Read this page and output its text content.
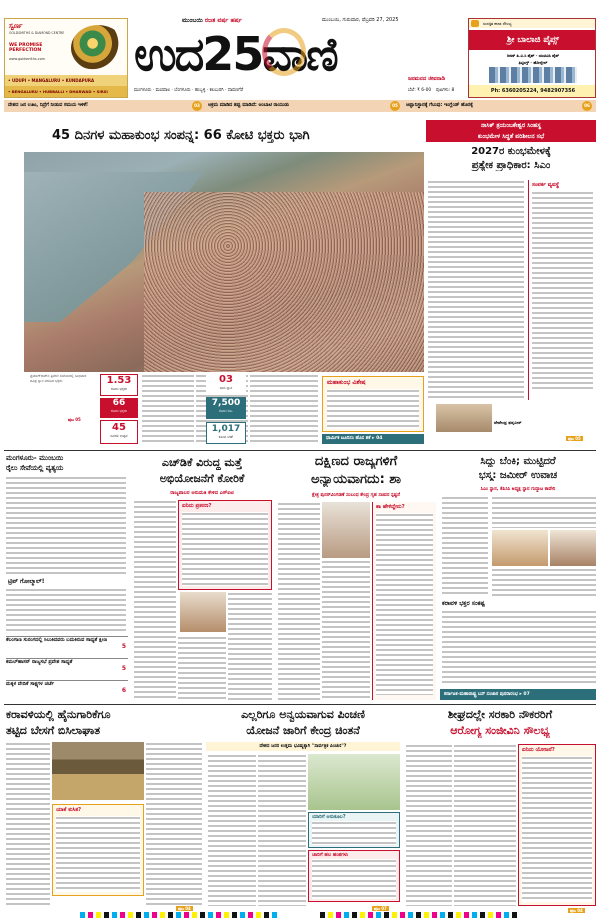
ಸ್ವರ್ಣ
GOLDSMITHS & DIAMOND CENTRE
WE PROMISE PERFECTION
www.goldsmiths.com
• UDUPI • MANGALURU • KUNDAPURA
• BENGALURU • HUBBALLI • DHARWAD • SIRSI
ಮುಂಬಯಿ ರಜತ ವರ್ಷ ಹರ್ಷ	ಮುಂಬಯಿ, ಗುರುವಾರ, ಫೆಬ್ರವರಿ 27, 2025
ಉದ25ವಾಣಿ
ಮಂಗಳೂರು · ಮಣಿಪಾಲ · ಬೆಂಗಳೂರು · ಹುಬ್ಬಳ್ಳಿ · ಕಲಬುರಗಿ · ದಾವಣಗೆರೆ
ಜನಮನದ ಜೀವನಾಡಿ
ಬೆಲೆ: ₹ 6-00 ಪುಟಗಳು: 8
ಸುಸಜ್ಜಿತ ಶಾಲಾ ಸೌಲಭ್ಯ
ಶ್ರೀ ಬಾಲಾಜಿ ಪೈಪ್ಸ್
ರಿಜಿಡ್ ಪಿ.ವಿ.ಸಿ ಪೈಪ್ - ಯುಪಿವಿಸಿ ಪೈಪ್
ಫಿಟ್ಟಿಂಗ್ಸ್ - ಹೋಲ್ಸೇಲ್
Ph: 6360205224, 9482907356
ದೇಶದ ಜನ ಊಟ, ನಿದ್ರೆಗೆ ನೀಡುವ ಸಮಯ ಇಳಿಕೆ!	03	ಅಕ್ರಮ ಮಾಡಿದ ತಪ್ಪು ಮಾಡಿದೆ: ಅಂಬಾಟಿ ರಾಯುಡು	05	ಆಫ್ಘಾನಿಸ್ಥಾನಕ್ಕೆ ಗೆಲುವು: ಇಂಗ್ಲೆಂಡ್ ಹೊರಕ್ಕೆ	06
45 ದಿನಗಳ ಮಹಾಕುಂಭ ಸಂಪನ್ನ: 66 ಕೋಟಿ ಭಕ್ತರು ಭಾಗಿ
ಪ್ರಯಾಗ್‌ರಾಜ್‌ನ ತ್ರಿವೇಣಿ ಸಂಗಮದಲ್ಲಿ ಬುಧವಾರ ಪವಿತ್ರ ಸ್ನಾನ ಮಾಡಿದ ಭಕ್ತರು
ಪುಟ 05
1.53
ಕೋಟಿ ಭಕ್ತರು
66
ಕೋಟಿ ಭಕ್ತರು
45
ದಿನಗಳ ಉತ್ಸವ
03
ಬಾರಿ ಸ್ನಾನ
7,500
ಕೋಟಿ ರೂ.
1,017
ಕೋಟಿ ಬೆಡ್
ಮಹಾಕುಂಭ ವಿಶೇಷ
ಧಾರ್ಮಿಕ ಟೂರಿಸಂ ಹೊಸ ಶಕೆ ▸ 04
ನಾಸಿಕ್ ತ್ರಯಂಬಕೇಶ್ವರ ಸಿಂಹಸ್ಥ
ಕುಂಭಮೇಳ ಸಿದ್ಧತೆ ಪರಿಶೀಲನ ಸಭೆ
2027ರ ಕುಂಭಮೇಳಕ್ಕೆ
ಪ್ರತ್ಯೇಕ ಪ್ರಾಧಿಕಾರ: ಸಿಎಂ
ಸಂಪರ್ಕ ವ್ಯವಸ್ಥೆ
ದೇವೇಂದ್ರ ಫಡ್ನವೀಸ್
ಪುಟ 05
ಮಂಗಳೂರು- ಮುಂಬಯಿ
ರೈಲು ಸೇವೆಯಲ್ಲಿ ವ್ಯತ್ಯಯ
ಟ್ರಿಪ್ ಗೋಲ್ಮಾಲ್!
ಕೆಲಂಗಾಣ ಸುರಂಗದಲ್ಲಿ ಸಿಲುಕಿದವರು ಬದುಕಿರುವ ಸಾಧ್ಯತೆ ಕ್ಷೀಣ
5
ಕಮಲ್‌ಹಾಸನ್ ರಾಜ್ಯಸಭೆ ಪ್ರವೇಶ ಸಾಧ್ಯತೆ
5
ಮಕ್ಕಳ ವೇದಿಕೆ ಸಾಕ್ಷ್ಯಗಳ ಚರ್ಚೆ
6
ಎಚ್‌ಡಿಕೆ ವಿರುದ್ಧ ಮತ್ತೆ
ಅಭಿಯೋಜನೆಗೆ ಕೋರಿಕೆ
ರಾಜ್ಯಪಾಲರ ಅನುಮತಿ ಕೇಳಿದ ಎಸ್‌ಐಟಿ
ಏನಿದು ಪ್ರಕರಣ?
ದಕ್ಷಿಣದ ರಾಜ್ಯಗಳಿಗೆ
ಅನ್ಯಾಯವಾಗದು: ಶಾ
ಕ್ಷೇತ್ರ ಪುನರ್‌ವಿಂಗಡಣೆ ಸಂಬಂಧ ಕೇಂದ್ರ ಗೃಹ ಸಚಿವರ ಸ್ಪಷ್ಟನೆ
ಶಾ ಹೇಳಿದ್ದೇನು?
ಸಿದ್ದು ಬೆಂಕಿ; ಮುಟ್ಟಿದರೆ
ಭಸ್ಮ: ಜಮೀರ್ ಉವಾಚ
ಸಿಎಂ ಸ್ಥಾನ, ಕೆಪಿಸಿಸಿ ಅಧ್ಯಕ್ಷ ಸ್ಥಾನ ಗುದ್ದಾಟ ಕಾವೇರಿ
ಕರಾವಳಿ ಭಕ್ತರ ಸಂಕಷ್ಟ
ಕರ್ನಾಟಕ-ಮಹಾರಾಷ್ಟ್ರ ಬಸ್ ಸಂಚಾರ ಪುನರಾರಂಭ ▸ 07
ಕರಾವಳಿಯಲ್ಲಿ ಹೈನುಗಾರಿಕೆಗೂ
ತಟ್ಟಿದ ಬೇಸಗೆ ಬಿಸಿಲಾಘಾತ
ಯಾಕೆ ಕುಸಿತ?
ಪುಟ 04
ಎಲ್ಲರಿಗೂ ಅನ್ವಯವಾಗುವ ಪಿಂಚಣಿ
ಯೋಜನೆ ಜಾರಿಗೆ ಕೇಂದ್ರ ಚಿಂತನೆ
ದೇಶದ ಜನರ ಉತ್ತಮ ಭವಿಷ್ಯಕ್ಕಾಗಿ "ಸಾರ್ವತ್ರಿಕ ಪಿಂಚಣಿ"?
ಯಾರಿಗೆ ಅನುಕೂಲ?
ಜಾರಿಗೆ ಹಲ ಹಂತಗಳು
ಪುಟ 07
ಶೀಘ್ರದಲ್ಲೇ ಸರಕಾರಿ ನೌಕರರಿಗೆ
ಆರೋಗ್ಯ ಸಂಜೀವಿನಿ ಸೌಲಭ್ಯ
ಏನಿದು ಯೋಜನೆ?
ಪುಟ 04
